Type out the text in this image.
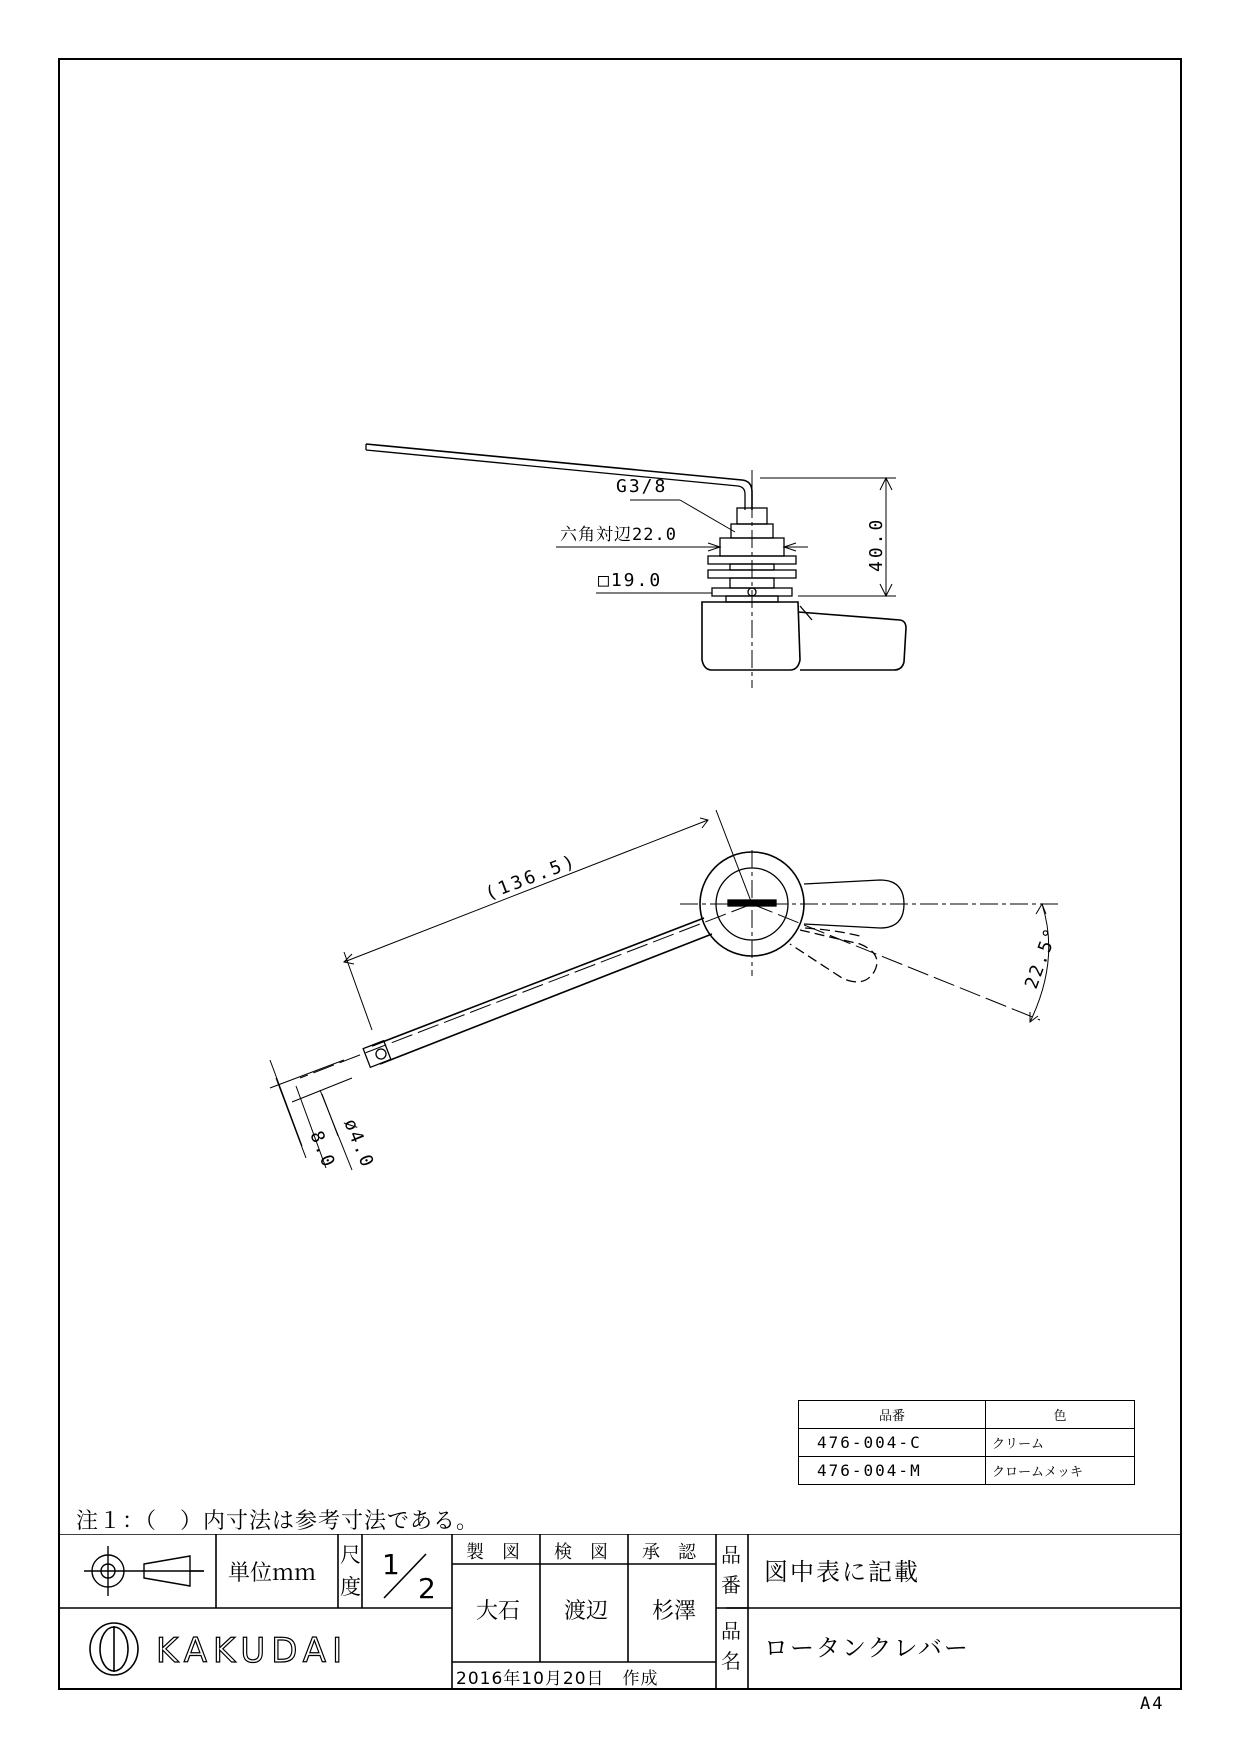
G3/8
六角対辺22.0
□19.0
40.0
(136.5)
22.5°
ø4.0
8.0
品番	色
476-004-C	クリーム
476-004-M	クロームメッキ
注１：（　）内寸法は参考寸法である。
KAKUDAI
単位ｍｍ
尺
度
1
2
製　図 検　図 承　認
大石 渡辺 杉澤
2016年10月20日　作成
品
番 図中表に記載
品
名 ロータンクレバー
A4
